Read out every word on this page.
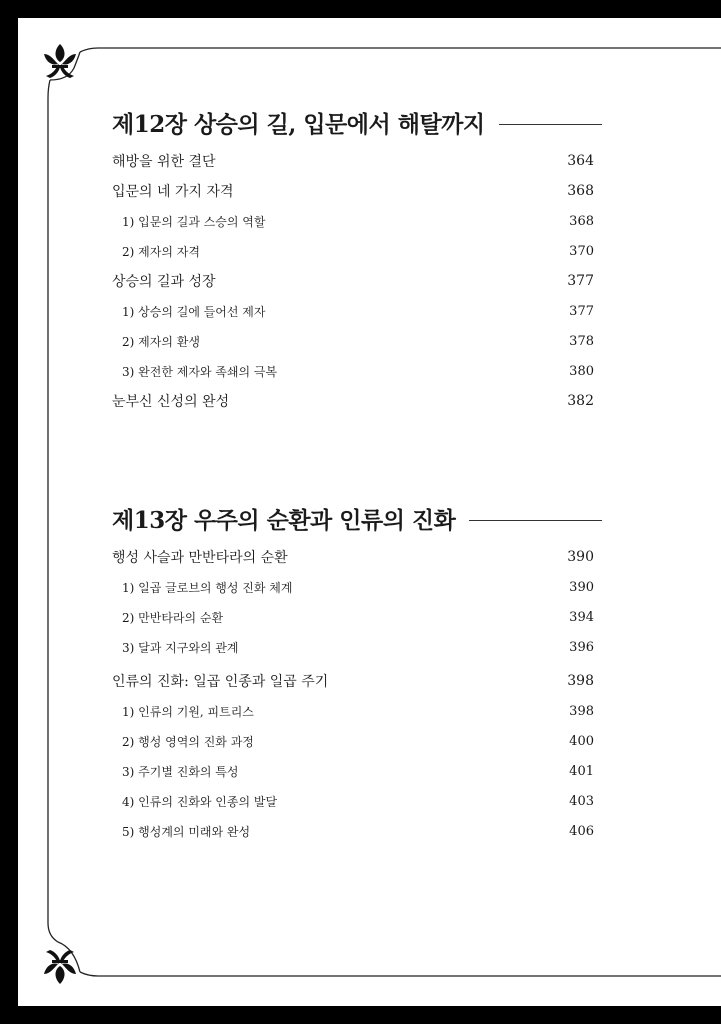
제12장 상승의 길, 입문에서 해탈까지
해방을 위한 결단	364
입문의 네 가지 자격	368
1) 입문의 길과 스승의 역할	368
2) 제자의 자격	370
상승의 길과 성장	377
1) 상승의 길에 들어선 제자	377
2) 제자의 환생	378
3) 완전한 제자와 족쇄의 극복	380
눈부신 신성의 완성	382
제13장 우주의 순환과 인류의 진화
행성 사슬과 만반타라의 순환	390
1) 일곱 글로브의 행성 진화 체계	390
2) 만반타라의 순환	394
3) 달과 지구와의 관계	396
인류의 진화: 일곱 인종과 일곱 주기	398
1) 인류의 기원, 피트리스	398
2) 행성 영역의 진화 과정	400
3) 주기별 진화의 특성	401
4) 인류의 진화와 인종의 발달	403
5) 행성계의 미래와 완성	406
